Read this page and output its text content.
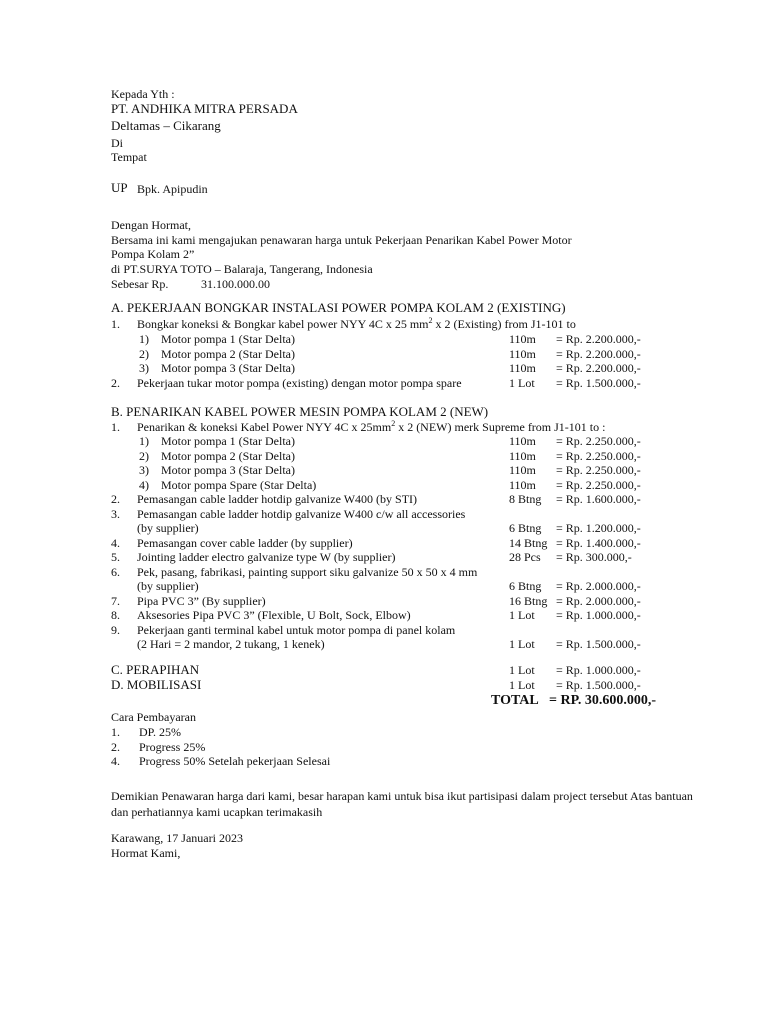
Kepada Yth :
PT. ANDHIKA MITRA PERSADA
Deltamas – Cikarang
Di
Tempat
UP Bpk. Apipudin
Dengan Hormat,
Bersama ini kami mengajukan penawaran harga untuk Pekerjaan Penarikan Kabel Power Motor
Pompa Kolam 2”
di PT.SURYA TOTO – Balaraja, Tangerang, Indonesia
Sebesar Rp.	31.100.000.00
A. PEKERJAAN BONGKAR INSTALASI POWER POMPA KOLAM 2 (EXISTING)
1. Bongkar koneksi & Bongkar kabel power NYY 4C x 25 $mm^2$ x 2 (Existing) from J1-101 to
1) Motor pompa 1 (Star Delta)	110m = Rp. 2.200.000,-
2) Motor pompa 2 (Star Delta)	110m = Rp. 2.200.000,-
3) Motor pompa 3 (Star Delta)	110m = Rp. 2.200.000,-
2. Pekerjaan tukar motor pompa (existing) dengan motor pompa spare	1 Lot = Rp. 1.500.000,-
B. PENARIKAN KABEL POWER MESIN POMPA KOLAM 2 (NEW)
1. Penarikan & koneksi Kabel Power NYY 4C x $25mm^2$ x 2 (NEW) merk Supreme from J1-101 to :
1) Motor pompa 1 (Star Delta)	110m = Rp. 2.250.000,-
2) Motor pompa 2 (Star Delta)	110m = Rp. 2.250.000,-
3) Motor pompa 3 (Star Delta)	110m = Rp. 2.250.000,-
4) Motor pompa Spare (Star Delta)	110m = Rp. 2.250.000,-
2. Pemasangan cable ladder hotdip galvanize W400 (by STI)	8 Btng = Rp. 1.600.000,-
3. Pemasangan cable ladder hotdip galvanize W400 c/w all accessories
(by supplier)	6 Btng = Rp. 1.200.000,-
4. Pemasangan cover cable ladder (by supplier)	14 Btng = Rp. 1.400.000,-
5. Jointing ladder electro galvanize type W (by supplier)	28 Pcs = Rp. 300.000,-
6. Pek, pasang, fabrikasi, painting support siku galvanize 50 x 50 x 4 mm
(by supplier)	6 Btng = Rp. 2.000.000,-
7. Pipa PVC 3” (By supplier)	16 Btng = Rp. 2.000.000,-
8. Aksesories Pipa PVC 3” (Flexible, U Bolt, Sock, Elbow)	1 Lot = Rp. 1.000.000,-
9. Pekerjaan ganti terminal kabel untuk motor pompa di panel kolam
(2 Hari = 2 mandor, 2 tukang, 1 kenek)	1 Lot = Rp. 1.500.000,-
C. PERAPIHAN	1 Lot = Rp. 1.000.000,-
D. MOBILISASI	1 Lot = Rp. 1.500.000,-
TOTAL = RP. 30.600.000,-
Cara Pembayaran
1. DP. 25%
2. Progress 25%
4. Progress 50% Setelah pekerjaan Selesai
Demikian Penawaran harga dari kami, besar harapan kami untuk bisa ikut partisipasi dalam project tersebut Atas bantuan
dan perhatiannya kami ucapkan terimakasih
Karawang, 17 Januari 2023
Hormat Kami,
